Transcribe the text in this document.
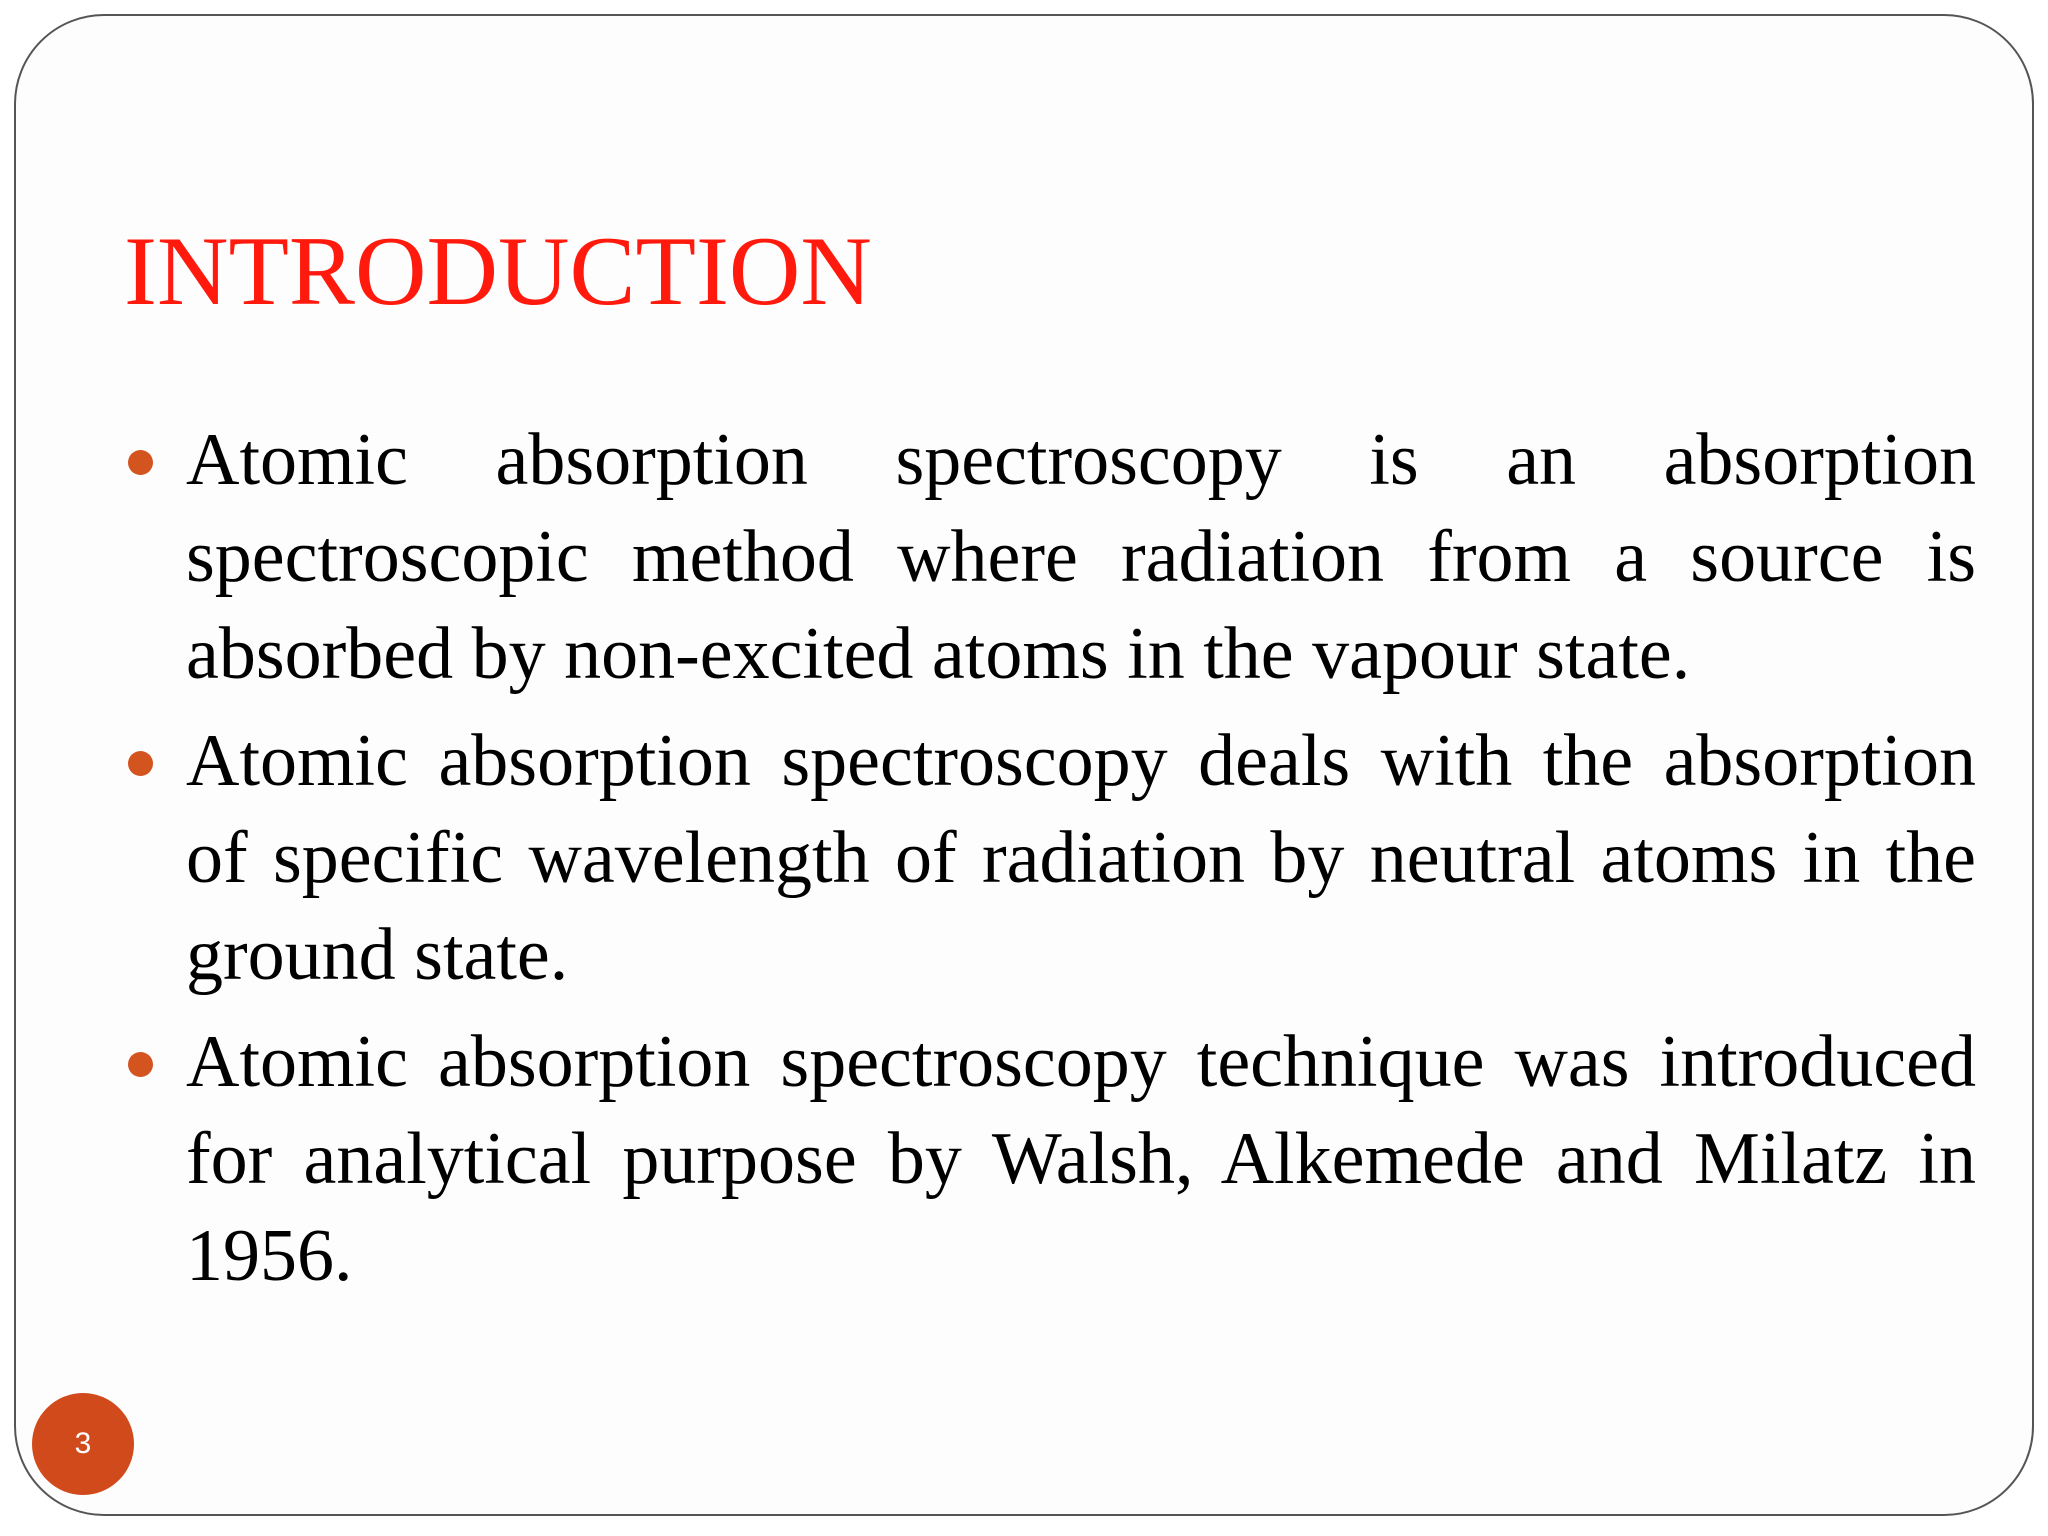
INTRODUCTION
Atomic absorption spectroscopy is an absorption spectroscopic method where radiation from a source is absorbed by non-excited atoms in the vapour state.
Atomic absorption spectroscopy deals with the absorption of specific wavelength of radiation by neutral atoms in the ground state.
Atomic absorption spectroscopy technique was introduced for analytical purpose by Walsh, Alkemede and Milatz in 1956.
3
